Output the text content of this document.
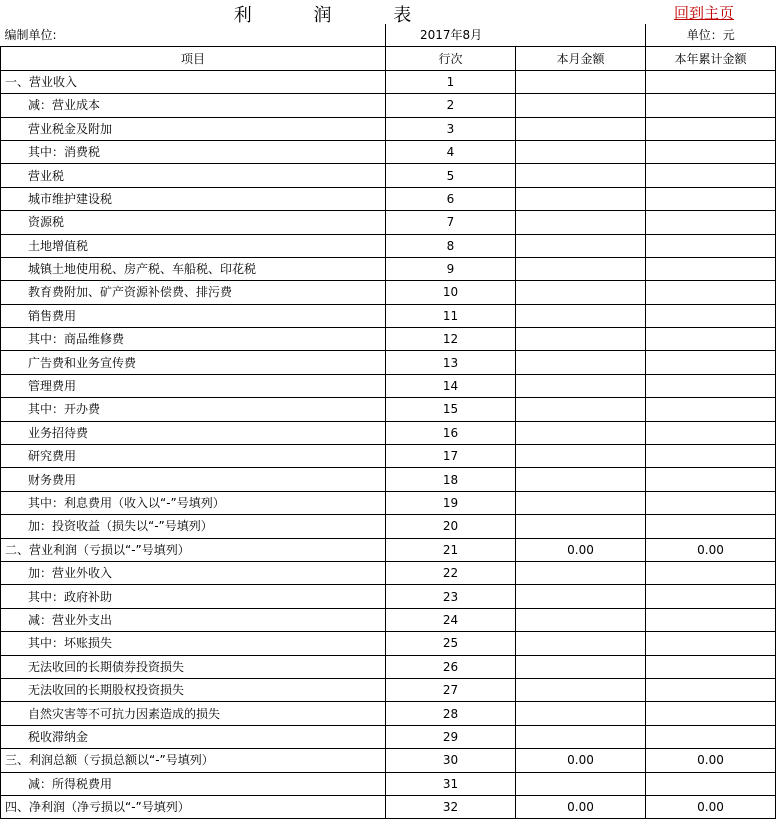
利 润 表	回到主页
编制单位:	2017年8月		单位：元
项目	行次	本月金额	本年累计金额
一、营业收入	1		
减：营业成本	2		
营业税金及附加	3		
其中：消费税	4		
营业税	5		
城市维护建设税	6		
资源税	7		
土地增值税	8		
城镇土地使用税、房产税、车船税、印花税	9		
教育费附加、矿产资源补偿费、排污费	10		
销售费用	11		
其中：商品维修费	12		
广告费和业务宣传费	13		
管理费用	14		
其中：开办费	15		
业务招待费	16		
研究费用	17		
财务费用	18		
其中：利息费用（收入以“-”号填列）	19		
加：投资收益（损失以“-”号填列）	20		
二、营业利润（亏损以“-”号填列）	21	0.00	0.00
加：营业外收入	22		
其中：政府补助	23		
减：营业外支出	24		
其中：坏账损失	25		
无法收回的长期债券投资损失	26		
无法收回的长期股权投资损失	27		
自然灾害等不可抗力因素造成的损失	28		
税收滞纳金	29		
三、利润总额（亏损总额以“-”号填列）	30	0.00	0.00
减：所得税费用	31		
四、净利润（净亏损以“-”号填列）	32	0.00	0.00
